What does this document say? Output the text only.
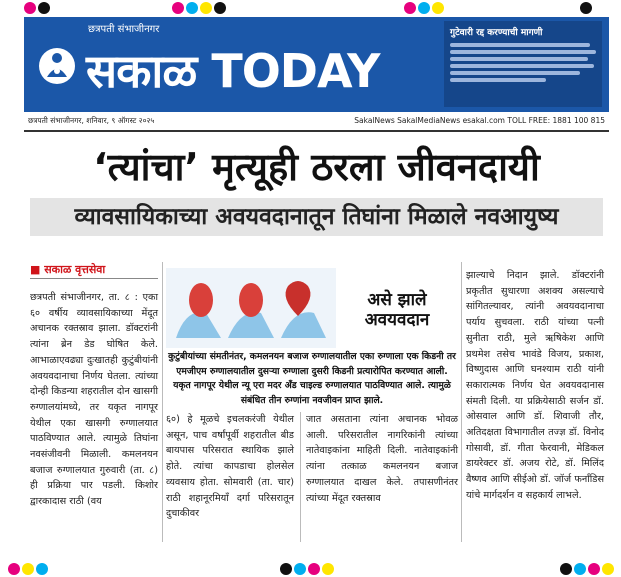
छत्रपती संभाजीनगर
सकाळ TODAY
गुटेवारी रद्द करण्याची मागणी
छत्रपती संभाजीनगर, शनिवार, ९ ऑगस्ट २०२५	SakalNews SakalMediaNews esakal.com TOLL FREE: 1881 100 815
‘त्यांचा’ मृत्यूही ठरला जीवनदायी
व्यावसायिकाच्या अवयवदानातून तिघांना मिळाले नवआयुष्य
■ सकाळ वृत्तसेवा
छत्रपती संभाजीनगर, ता. ८ : एका ६० वर्षीय व्यावसायिकाच्या मेंदूत अचानक रक्तस्राव झाला. डॉक्टरांनी त्यांना ब्रेन डेड घोषित केले. आभाळाएवढ्या दुःखातही कुटुंबीयांनी अवयवदानाचा निर्णय घेतला. त्यांच्या दोन्ही किडन्या शहरातील दोन खासगी रुग्णालयांमध्ये, तर यकृत नागपूर येथील एका खासगी रुग्णालयात पाठविण्यात आले. त्यामुळे तिघांना नवसंजीवनी मिळाली. कमलनयन बजाज रुग्णालयात गुरुवारी (ता. ८) ही प्रक्रिया पार पडली. किशोर द्वारकादास राठी (वय
असे झाले अवयवदान
कुटुंबीयांच्या संमतीनंतर, कमलनयन बजाज रुग्णालयातील एका रुग्णाला एक किडनी तर एमजीएम रुग्णालयातील दुसऱ्या रुग्णाला दुसरी किडनी प्रत्यारोपित करण्यात आली. यकृत नागपूर येथील न्यू एरा मदर अँड चाइल्ड रुग्णालयात पाठविण्यात आले. त्यामुळे संबंधित तीन रुग्णांना नवजीवन प्राप्त झाले.
६०) हे मूळचे इचलकरंजी येथील असून, पाच वर्षांपूर्वी शहरातील बीड बायपास परिसरात स्थायिक झाले होते. त्यांचा कापडाचा होलसेल व्यवसाय होता. सोमवारी (ता. चार) राठी शहानूरमियाँ दर्गा परिसरातून दुचाकीवर
जात असताना त्यांना अचानक भोवळ आली. परिसरातील नागरिकांनी त्यांच्या नातेवाइकांना माहिती दिली. नातेवाइकांनी त्यांना तत्काळ कमलनयन बजाज रुग्णालयात दाखल केले. तपासणीनंतर त्यांच्या मेंदूत रक्तस्राव
झाल्याचे निदान झाले. डॉक्टरांनी प्रकृतीत सुधारणा अशक्य असल्याचे सांगितल्यावर, त्यांनी अवयवदानाचा पर्याय सुचवला. राठी यांच्या पत्नी सुनीता राठी, मुले ऋषिकेश आणि प्रथमेश तसेच भावंडे विजय, प्रकाश, विष्णुदास आणि घनश्याम राठी यांनी सकारात्मक निर्णय घेत अवयवदानास संमती दिली. या प्रक्रियेसाठी सर्जन डॉ. ओसवाल आणि डॉ. शिवाजी तौर, अतिदक्षता विभागातील तज्ज्ञ डॉ. विनोद गोसावी, डॉ. गीता फेरवानी, मेडिकल डायरेक्टर डॉ. अजय रोटे, डॉ. मिलिंद वैष्णव आणि सीईओ डॉ. जॉर्ज फर्नांडिस यांचे मार्गदर्शन व सहकार्य लाभले.
